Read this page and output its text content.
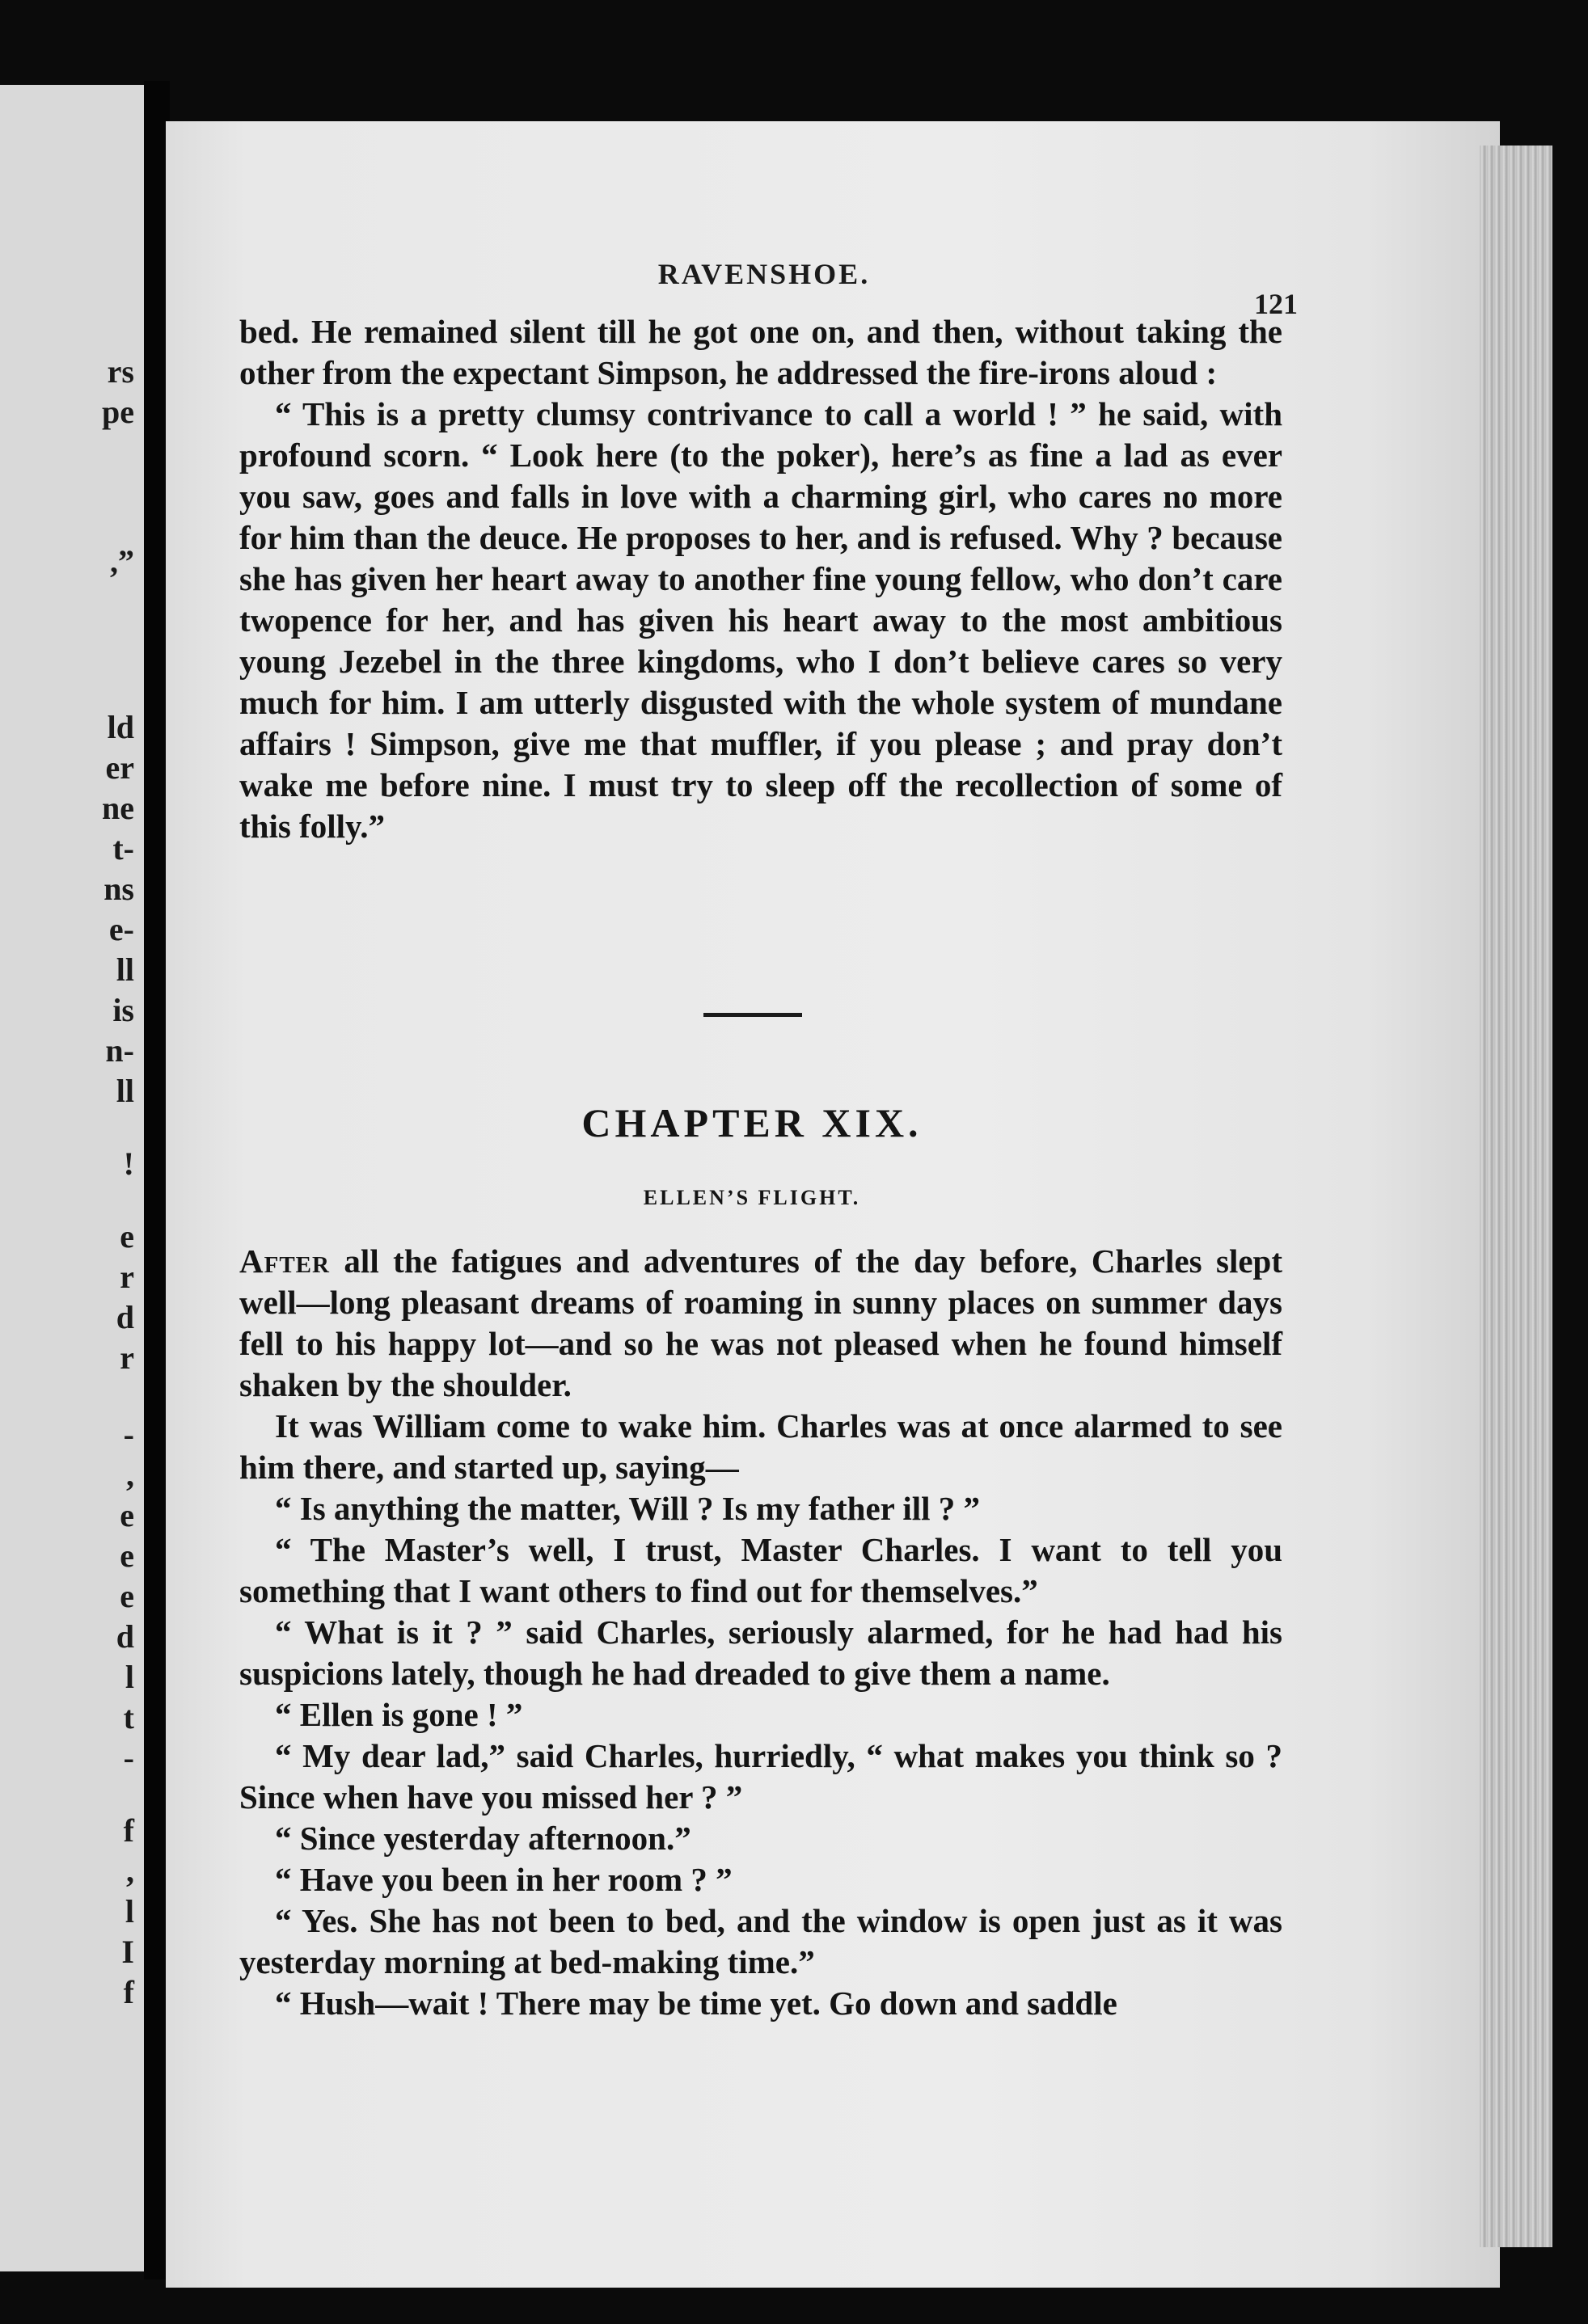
rs
pe
,”
ld
er
ne
t-
ns
e-
ll
is
n-
ll
!
e
r
d
r
-
,
e
e
e
d
l
t
-
f
,
l
I
f
RAVENSHOE.
121

bed. He remained silent till he got one on, and then, without taking the other from the expectant Simpson, he addressed the fire-irons aloud :

“ This is a pretty clumsy contrivance to call a world ! ” he said, with profound scorn. “ Look here (to the poker), here’s as fine a lad as ever you saw, goes and falls in love with a charming girl, who cares no more for him than the deuce. He proposes to her, and is refused. Why ? because she has given her heart away to another fine young fellow, who don’t care twopence for her, and has given his heart away to the most ambitious young Jezebel in the three kingdoms, who I don’t believe cares so very much for him. I am utterly disgusted with the whole system of mundane affairs ! Simpson, give me that muffler, if you please ; and pray don’t wake me before nine. I must try to sleep off the recollection of some of this folly.”

CHAPTER XIX.
ELLEN’S FLIGHT.

After all the fatigues and adventures of the day before, Charles slept well—long pleasant dreams of roaming in sunny places on summer days fell to his happy lot—and so he was not pleased when he found himself shaken by the shoulder.

It was William come to wake him. Charles was at once alarmed to see him there, and started up, saying—

“ Is anything the matter, Will ? Is my father ill ? ”

“ The Master’s well, I trust, Master Charles. I want to tell you something that I want others to find out for themselves.”

“ What is it ? ” said Charles, seriously alarmed, for he had had his suspicions lately, though he had dreaded to give them a name.

“ Ellen is gone ! ”

“ My dear lad,” said Charles, hurriedly, “ what makes you think so ? Since when have you missed her ? ”

“ Since yesterday afternoon.”

“ Have you been in her room ? ”

“ Yes. She has not been to bed, and the window is open just as it was yesterday morning at bed-making time.”

“ Hush—wait ! There may be time yet. Go down and saddle
